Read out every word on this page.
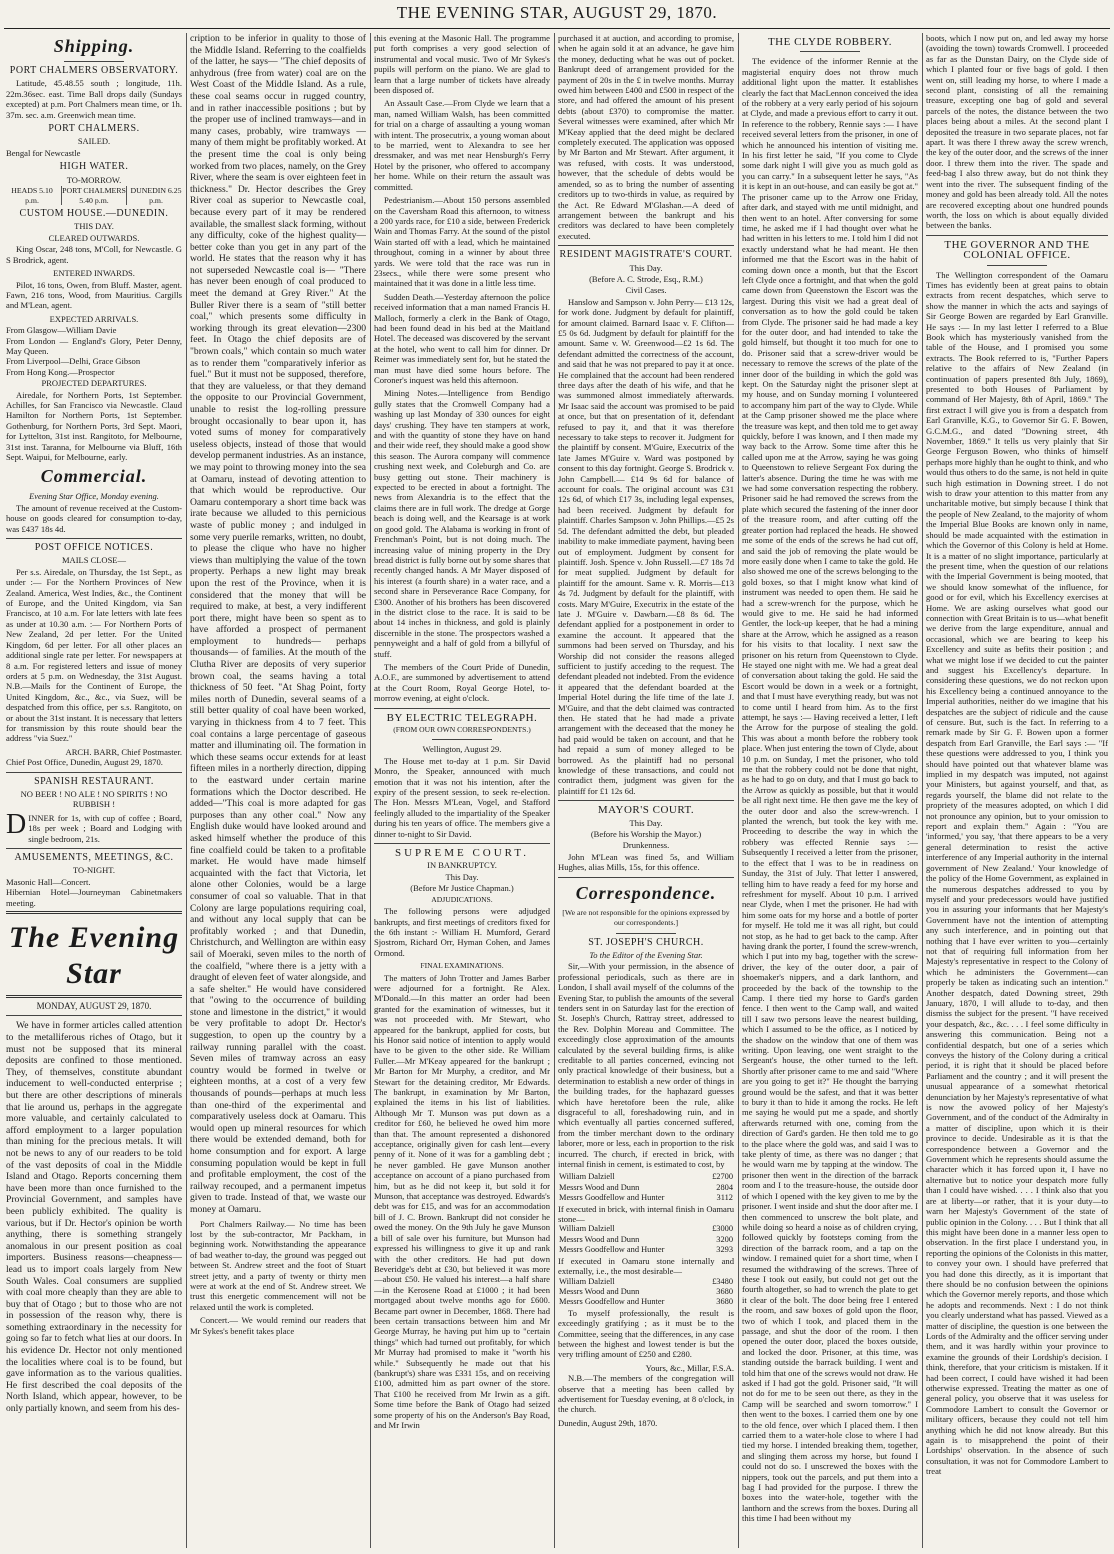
THE EVENING STAR, AUGUST 29, 1870.
Shipping.
PORT CHALMERS OBSERVATORY.

Latitude, 45.48.55 south ; longitude, 11h. 22m.36sec. east. Time Ball drops daily (Sundays excepted) at p.m. Port Chalmers mean time, or 1h. 37m. sec. a.m. Greenwich mean time.

PORT CHALMERS.
SAILED.
Bengal for Newcastle
HIGH WATER.
TO-MORROW.
HEADS 5.10 p.m.
PORT CHALMERS 5.40 p.m.
DUNEDIN 6.25 p.m.
CUSTOM HOUSE.—DUNEDIN.
THIS DAY.
CLEARED OUTWARDS.

King Oscar, 248 tons, M'Coll, for Newcastle. G S Brodrick, agent.

ENTERED INWARDS.

Pilot, 16 tons, Owen, from Bluff. Master, agent. Fawn, 216 tons, Wood, from Mauritius. Cargills and M'Lean, agent.

EXPECTED ARRIVALS.
From Glasgow—William Davie
From London — England's Glory, Peter Denny, May Queen.
From Liverpool—Delhi, Grace Gibson
From Hong Kong.—Prospector
PROJECTED DEPARTURES.

Airedale, for Northern Ports, 1st September. Achilles, for San Francisco via Newcastle. Claud Hamilton for Northern Ports, 1st September. Gothenburg, for Northern Ports, 3rd Sept. Maori, for Lyttelton, 31st inst. Rangitoto, for Melbourne, 31st inst. Taranna, for Melbourne via Bluff, 16th Sept. Waipui, for Melbourne, early.

Commercial.
Evening Star Office, Monday evening.

The amount of revenue received at the Custom-house on goods cleared for consumption to-day, was £437 18s 4d.

POST OFFICE NOTICES.
MAILS CLOSE—

Per s.s. Airedale, on Thursday, the 1st Sept., as under :— For the Northern Provinces of New Zealand. America, West Indies, &c., the Continent of Europe, and the United Kingdom, via San Francisco, at 10 a.m. For late letters with late fees as under at 10.30 a.m. :— For Northern Ports of New Zealand, 2d per letter. For the United Kingdom, 6d per letter. For all other places an additional single rate per letter. For newspapers at 8 a.m. For registered letters and issue of money orders at 5 p.m. on Wednesday, the 31st August. N.B.—Mails for the Continent of Europe, the United Kingdom, &c., &c., via Suez, will be despatched from this office, per s.s. Rangitoto, on or about the 31st instant. It is necessary that letters for transmission by this route should bear the address "via Suez."

ARCH. BARR, Chief Postmaster.
Chief Post Office, Dunedin, August 29, 1870.
SPANISH RESTAURANT.
NO BEER ! NO ALE ! NO SPIRITS ! NO RUBBISH !
DINNER for 1s, with cup of coffee ; Board, 18s per week ; Board and Lodging with single bedroom, 21s.
AMUSEMENTS, MEETINGS, &C.
TO-NIGHT.
Masonic Hall—Concert.
Hibernian Hotel—Journeyman Cabinetmakers meeting.
The Evening Star
MONDAY, AUGUST 29, 1870.

We have in former articles called attention to the metalliferous riches of Otago, but it must not be supposed that its mineral deposits are confined to those mentioned. They, of themselves, constitute abundant inducement to well-conducted enterprise ; but there are other descriptions of minerals that lie around us, perhaps in the aggregate more valuable, and certainly calculated to afford employment to a larger population than mining for the precious metals. It will not be news to any of our readers to be told of the vast deposits of coal in the Middle Island and Otago. Reports concerning them have been more than once furnished to the Provincial Government, and samples have been publicly exhibited. The quality is various, but if Dr. Hector's opinion be worth anything, there is something strangely anomalous in our present position as coal importers. Business reasons—cheapness—lead us to import coals largely from New South Wales. Coal consumers are supplied with coal more cheaply than they are able to buy that of Otago ; but to those who are not in possession of the reason why, there is something extraordinary in the necessity for going so far to fetch what lies at our doors. In his evidence Dr. Hector not only mentioned the localities where coal is to be found, but gave information as to the various qualities. He first described the coal deposits of the North Island, which appear, however, to be only partially known, and seem from his des-

cription to be inferior in quality to those of the Middle Island. Referring to the coalfields of the latter, he says— "The chief deposits of anhydrous (free from water) coal are on the West Coast of the Middle Island. As a rule, these coal seams occur in rugged country, and in rather inaccessible positions ; but by the proper use of inclined tramways—and in many cases, probably, wire tramways —many of them might be profitably worked. At the present time the coal is only being worked from two places, namely, on the Grey River, where the seam is over eighteen feet in thickness." Dr. Hector describes the Grey River coal as superior to Newcastle coal, because every part of it may be rendered available, the smallest slack forming, without any difficulty, coke of the highest quality— better coke than you get in any part of the world. He states that the reason why it has not superseded Newcastle coal is— "There has never been enough of coal produced to meet the demand at Grey River." At the Buller River there is a seam of "still better coal," which presents some difficulty in working through its great elevation—2300 feet. In Otago the chief deposits are of "brown coals," which contain so much water as to render them "comparatively inferior as fuel." But it must not be supposed, therefore, that they are valueless, or that they demand the opposite to our Provincial Government, unable to resist the log-rolling pressure brought occasionally to bear upon it, has voted sums of money for comparatively useless objects, instead of those that would develop permanent industries. As an instance, we may point to throwing money into the sea at Oamaru, instead of devoting attention to that which would be reproductive. Our Oamaru contemporary a short time back was irate because we alluded to this pernicious waste of public money ; and indulged in some very puerile remarks, written, no doubt, to please the clique who have no higher views than multiplying the value of the town property. Perhaps a new light may break upon the rest of the Province, when it is considered that the money that will be required to make, at best, a very indifferent port there, might have been so spent as to have afforded a prospect of permanent employment to hundreds— perhaps thousands— of families. At the mouth of the Clutha River are deposits of very superior brown coal, the seams having a total thickness of 50 feet. "At Shag Point, forty miles north of Dunedin, several seams of a still better quality of coal have been worked, varying in thickness from 4 to 7 feet. This coal contains a large percentage of gaseous matter and illuminating oil. The formation in which these seams occur extends for at least fifteen miles in a northerly direction, dipping to the eastward under certain marine formations which the Doctor described. He added—"This coal is more adapted for gas purposes than any other coal." Now any English duke would have looked around and asked himself whether the produce of this fine coalfield could be taken to a profitable market. He would have made himself acquainted with the fact that Victoria, let alone other Colonies, would be a large consumer of coal so valuable. That in that Colony are large populations requiring coal, and without any local supply that can be profitably worked ; and that Dunedin, Christchurch, and Wellington are within easy sail of Moeraki, seven miles to the north of the coalfield, "where there is a jetty with a draught of eleven feet of water alongside, and a safe shelter." He would have considered that "owing to the occurrence of building stone and limestone in the district," it would be very profitable to adopt Dr. Hector's suggestion, to open up the country by a railway running parallel with the coast. Seven miles of tramway across an easy country would be formed in twelve or eighteen months, at a cost of a very few thousands of pounds—perhaps at much less than one-third of the experimental and comparatively useless dock at Oamaru. This would open up mineral resources for which there would be extended demand, both for home consumption and for export. A large consuming population would be kept in full and profitable employment, the cost of the railway recouped, and a permanent impetus given to trade. Instead of that, we waste our money at Oamaru.

Port Chalmers Railway.— No time has been lost by the sub-contractor, Mr Packham, in beginning work. Notwithstanding the appearance of bad weather to-day, the ground was pegged out between St. Andrew street and the foot of Stuart street jetty, and a party of twenty or thirty men were at work at the end of St. Andrew street. We trust this energetic commencement will not be relaxed until the work is completed.

Concert.— We would remind our readers that Mr Sykes's benefit takes place

this evening at the Masonic Hall. The programme put forth comprises a very good selection of instrumental and vocal music. Two of Mr Sykes's pupils will perform on the piano. We are glad to learn that a large number of tickets have already been disposed of.

An Assault Case.—From Clyde we learn that a man, named William Walsh, has been committed for trial on a charge of assaulting a young woman with intent. The prosecutrix, a young woman about to be married, went to Alexandra to see her dressmaker, and was met near Hensburgh's Ferry Hotel by the prisoner, who offered to accompany her home. While on their return the assault was committed.

Pedestrianism.—About 150 persons assembled on the Caversham Road this afternoon, to witness a 200 yards race, for £10 a side, between Frederick Wain and Thomas Farry. At the sound of the pistol Wain started off with a lead, which he maintained throughout, coming in a winner by about three yards. We were told that the race was run in 23secs., while there were some present who maintained that it was done in a little less time.

Sudden Death.—Yesterday afternoon the police received information that a man named Francis H. Malloch, formerly a clerk in the Bank of Otago, had been found dead in his bed at the Maitland Hotel. The deceased was discovered by the servant at the hotel, who went to call him for dinner. Dr Reimer was immediately sent for, but he stated the man must have died some hours before. The Coroner's inquest was held this afternoon.

Mining Notes.—Intelligence from Bendigo gully states that the Cromwell Company had a washing up last Monday of 330 ounces for eight days' crushing. They have ten stampers at work, and with the quantity of stone they have on hand and their wide reef, they should make a good show this season. The Aurora company will commence crushing next week, and Coleburgh and Co. are busy getting out stone. Their machinery is expected to be erected in about a fortnight. The news from Alexandria is to the effect that the claims there are in full work. The dredge at Gorge beach is doing well, and the Kearsage is at work on good gold. The Alabama is working in front of Frenchman's Point, but is not doing much. The increasing value of mining property in the Dry bread district is fully borne out by some shares that recently changed hands. A Mr Mayer disposed of his interest (a fourth share) in a water race, and a second share in Perseverance Race Company, for £300. Another of his brothers has been discovered in the district close to the race. It is said to be about 14 inches in thickness, and gold is plainly discernible in the stone. The prospectors washed a pennyweight and a half of gold from a billyful of stuff.

The members of the Court Pride of Dunedin, A.O.F., are summoned by advertisement to attend at the Court Room, Royal George Hotel, to-morrow evening, at eight o'clock.

BY ELECTRIC TELEGRAPH.
(FROM OUR OWN CORRESPONDENTS.)
Wellington, August 29.

The House met to-day at 1 p.m. Sir David Monro, the Speaker, announced with much emotion that it was not his intention, after the expiry of the present session, to seek re-election. The Hon. Messrs M'Lean, Vogel, and Stafford feelingly alluded to the impartiality of the Speaker during his ten years of office. The members give a dinner to-night to Sir David.

SUPREME COURT.
IN BANKRUPTCY.
This Day.
(Before Mr Justice Chapman.)
ADJUDICATIONS.

The following persons were adjudged bankrupts, and first meetings of creditors fixed for the 6th instant :- William H. Mumford, Gerard Sjostrom, Richard Orr, Hyman Cohen, and James Ormond.

FINAL EXAMINATIONS.

The matters of John Trotter and James Barber were adjourned for a fortnight. Re Alex. M'Donald.—In this matter an order had been granted for the examination of witnesses, but it was not proceeded with. Mr Stewart, who appeared for the bankrupt, applied for costs, but his Honor said notice of intention to apply would have to be given to the other side. Re William Fuller.—Mr M'Keay appeared for the bankrupt ; Mr Barton for Mr Murphy, a creditor, and Mr Stewart for the detaining creditor, Mr Edwards. The bankrupt, in examination by Mr Barton, explained the items in his list of liabilities. Although Mr T. Munson was put down as a creditor for £60, he believed he owed him more than that. The amount represented a dishonored acceptance, originally given for cash lent—every penny of it. None of it was for a gambling debt ; he never gambled. He gave Munson another acceptance on account of a piano purchased from him, but as he did not keep it, but sold it for Munson, that acceptance was destroyed. Edwards's debt was for £15, and was for an accommodation bill of J. C. Brown. Bankrupt did not consider he owed the money. On the 9th July he gave Munson a bill of sale over his furniture, but Munson had expressed his willingness to give it up and rank with the other creditors. He had put down Beveridge's debt at £30, but believed it was more—about £50. He valued his interest—a half share—in the Kerosene Road at £1000 ; it had been mortgaged about twelve months ago for £600. Became part owner in December, 1868. There had been certain transactions between him and Mr George Murray, he having put him up to "certain things" which had turned out profitably, for which Mr Murray had promised to make it "worth his while." Subsequently he made out that his (bankrupt's) share was £331 15s, and on receiving £100, admitted him as part owner of the store. That £100 he received from Mr Irwin as a gift. Some time before the Bank of Otago had seized some property of his on the Anderson's Bay Road, and Mr Irwin

purchased it at auction, and according to promise, when he again sold it at an advance, he gave him the money, deducting what he was out of pocket. Bankrupt deed of arrangement provided for the payment of 20s in the £ in twelve months. Murray owed him between £400 and £500 in respect of the store, and had offered the amount of his present debts (about £370) to compromise the matter. Several witnesses were examined, after which Mr M'Keay applied that the deed might be declared completely executed. The application was opposed by Mr Barton and Mr Stewart. After argument, it was refused, with costs. It was understood, however, that the schedule of debts would be amended, so as to bring the number of assenting creditors up to two-thirds in value, as required by the Act. Re Edward M'Glashan.—A deed of arrangement between the bankrupt and his creditors was declared to have been completely executed.

RESIDENT MAGISTRATE'S COURT.
This Day.
(Before A. C. Strode, Esq., R.M.)
Civil Cases.

Hanslow and Sampson v. John Perry— £13 12s, for work done. Judgment by default for plaintiff, for amount claimed. Barnard Isaac v. F. Clifton—£5 0s 6d. Judgment by default for plaintiff for the amount. Same v. W. Greenwood—£2 1s 6d. The defendant admitted the correctness of the account, and said that he was not prepared to pay it at once. He complained that the account had been rendered three days after the death of his wife, and that he was summoned almost immediately afterwards. Mr Isaac said the account was promised to be paid at once, but that on presentation of it, defendant refused to pay it, and that it was therefore necessary to take steps to recover it. Judgment for the plaintiff by consent. M'Guire, Executrix of the late James M'Guire v. Ward was postponed by consent to this day fortnight. George S. Brodrick v. John Campbell.— £14 9s 6d for balance of account for coals. The original account was £31 12s 6d, of which £17 3s, including legal expenses, had been received. Judgment by default for plaintiff. Charles Sampson v. John Phillips.—£5 2s 5d. The defendant admitted the debt, but pleaded inability to make immediate payment, having been out of employment. Judgment by consent for plaintiff. Josh. Spence v. John Russell.—£7 18s 7d for meat supplied. Judgment by default for plaintiff for the amount. Same v. R. Morris—£13 4s 7d. Judgment by default for the plaintiff, with costs. Mary M'Guire, Executrix in the estate of the late J. M'Guire v. Dawbarn.—£8 8s 6d. The defendant applied for a postponement in order to examine the account. It appeared that the summons had been served on Thursday, and his Worship did not consider the reasons alleged sufficient to justify acceding to the request. The defendant pleaded not indebted. From the evidence it appeared that the defendant boarded at the Imperial Hotel during the life time of the late J. M'Guire, and that the debt claimed was contracted then. He stated that he had made a private arrangement with the deceased that the money he had paid would be taken on account, and that he had repaid a sum of money alleged to be borrowed. As the plaintiff had no personal knowledge of these transactions, and could not contradict them, judgment was given for the plaintiff for £1 12s 6d.

MAYOR'S COURT.
This Day.
(Before his Worship the Mayor.)
Drunkenness.

John M'Lean was fined 5s, and William Hughes, alias Mills, 15s, for this offence.

Correspondence.
[We are not responsible for the opinions expressed by our correspondents.]
ST. JOSEPH'S CHURCH.
To the Editor of the Evening Star.

Sir,—With your permission, in the absence of professional periodicals, such as there are in London, I shall avail myself of the columns of the Evening Star, to publish the amounts of the several tenders sent in on Saturday last for the erection of St. Joseph's Church, Rattray street, addressed to the Rev. Dolphin Moreau and Committee. The exceedingly close approximation of the amounts calculated by the several building firms, is alike creditable to all parties concerned, evincing not only practical knowledge of their business, but a determination to establish a new order of things in the building trades, for the haphazard guesses which have heretofore been the rule, alike disgraceful to all, foreshadowing ruin, and in which eventually all parties concerned suffered, from the timber merchant down to the ordinary laborer, more or less, each in proportion to the risk incurred. The church, if erected in brick, with internal finish in cement, is estimated to cost, by

William Dalziell	£2700
Messrs Wood and Dunn	2804
Messrs Goodfellow and Hunter	3112
If executed in brick, with internal finish in Oamaru stone—
William Dalziell	£3000
Messrs Wood and Dunn	3200
Messrs Goodfellow and Hunter	3293
If executed in Oamaru stone internally and externally, i.e., the most desirable—
William Dalziell	£3480
Messrs Wood and Dunn	3680
Messrs Goodfellow and Hunter	3680

To myself professionally, the result is exceedingly gratifying ; as it must be to the Committee, seeing that the differences, in any case between the highest and lowest tender is but the very trifling amount of £250 and £280.

Yours, &c., Millar, F.S.A.

N.B.—The members of the congregation will observe that a meeting has been called by advertisement for Tuesday evening, at 8 o'clock, in the church.

Dunedin, August 29th, 1870.
THE CLYDE ROBBERY.

The evidence of the informer Rennie at the magisterial enquiry does not throw much additional light upon the matter. It establishes clearly the fact that MacLennon conceived the idea of the robbery at a very early period of his sojourn at Clyde, and made a previous effort to carry it out. In reference to the robbery, Rennie says :— I have received several letters from the prisoner, in one of which he announced his intention of visiting me. In his first letter he said, "If you come to Clyde some dark night I will give you as much gold as you can carry." In a subsequent letter he says, "As it is kept in an out-house, and can easily be got at." The prisoner came up to the Arrow one Friday, after dark, and stayed with me until midnight, and then went to an hotel. After conversing for some time, he asked me if I had thought over what he had written in his letters to me. I told him I did not exactly understand what he had meant. He then informed me that the Escort was in the habit of coming down once a month, but that the Escort left Clyde once a fortnight, and that when the gold came down from Queenstown the Escort was the largest. During this visit we had a great deal of conversation as to how the gold could be taken from Clyde. The prisoner said he had made a key for the outer door, and had intended to take the gold himself, but thought it too much for one to do. Prisoner said that a screw-driver would be necessary to remove the screws of the plate of the inner door of the building in which the gold was kept. On the Saturday night the prisoner slept at my house, and on Sunday morning I volunteered to accompany him part of the way to Clyde. While at the Camp prisoner showed me the place where the treasure was kept, and then told me to get away quickly, before I was known, and I then made my way back to the Arrow. Some time after this he called upon me at the Arrow, saying he was going to Queenstown to relieve Sergeant Fox during the latter's absence. During the time he was with me we had some conversation respecting the robbery. Prisoner said he had removed the screws from the plate which secured the fastening of the inner door of the treasure room, and after cutting off the greater portion had replaced the heads. He showed me some of the ends of the screws he had cut off, and said the job of removing the plate would be more easily done when I came to take the gold. He also showed me one of the screws belonging to the gold boxes, so that I might know what kind of instrument was needed to open them. He said he had a screw-wrench for the purpose, which he would give to me. He said he had informed Gentler, the lock-up keeper, that he had a mining share at the Arrow, which he assigned as a reason for his visits to that locality. I next saw the prisoner on his return from Queenstown to Clyde. He stayed one night with me. We had a great deal of conversation about taking the gold. He said the Escort would be down in a week or a fortnight, and that I must have everything ready, but was not to come until I heard from him. As to the first attempt, he says :— Having received a letter, I left the Arrow for the purpose of stealing the gold. This was about a month before the robbery took place. When just entering the town of Clyde, about 10 p.m. on Sunday, I met the prisoner, who told me that the robbery could not be done that night, as he had to go on duty, and that I must go back to the Arrow as quickly as possible, but that it would be all right next time. He then gave me the key of the outer door and also the screw-wrench. I planted the wrench, but took the key with me. Proceeding to describe the way in which the robbery was effected Rennie says :— Subsequently I received a letter from the prisoner, to the effect that I was to be in readiness on Sunday, the 31st of July. That letter I answered, telling him to have ready a feed for my horse and refreshment for myself. About 10 p.m. I arrived near Clyde, when I met the prisoner. He had with him some oats for my horse and a bottle of porter for myself. He told me it was all right, but could not stop, as he had to get back to the camp. After having drank the porter, I found the screw-wrench, which I put into my bag, together with the screw-driver, the key of the outer door, a pair of shoemaker's nippers, and a dark lanthorn, and proceeded by the back of the township to the Camp. I there tied my horse to Gard's garden fence. I then went to the Camp wall, and waited till I saw two persons leave the nearest building, which I assumed to be the office, as I noticed by the shadow on the window that one of them was writing. Upon leaving, one went straight to the Sergeant's house, the other turned to the left. Shortly after prisoner came to me and said "Where are you going to get it?" He thought the barrying ground would be the safest, and that it was better to bury it than to hide it among the rocks. He left me saying he would put me a spade, and shortly afterwards returned with one, coming from the direction of Gard's garden. He then told me to go to the place where the gold was, and said I was to take plenty of time, as there was no danger ; that he would warn me by tapping at the window. The prisoner then went in the direction of the barrack room and I to the treasure-house, the outside door of which I opened with the key given to me by the prisoner. I went inside and shut the door after me. I then commenced to unscrew the bolt plate, and while doing so heard a noise as of children crying, followed quickly by footsteps coming from the direction of the barrack room, and a tap on the window. I remained quiet for a short time, when I resumed the withdrawing of the screws. Three of these I took out easily, but could not get out the fourth altogether, so had to wrench the plate to get it clear of the bolt. The door being free I entered the room, and saw boxes of gold upon the floor, two of which I took, and placed them in the passage, and shut the door of the room. I then opened the outer door, placed the boxes outside, and locked the door. Prisoner, at this time, was standing outside the barrack building. I went and told him that one of the screws would not draw. He asked if I had got the gold. Prisoner said, "It will not do for me to be seen out there, as they in the Camp will be searched and sworn tomorrow." I then went to the boxes. I carried them one by one to the old fence, over which I placed them. I then carried them to a water-hole close to where I had tied my horse. I intended breaking them, together, and slinging them across my horse, but found I could not do so. I unscrewed the boxes with the nippers, took out the parcels, and put them into a bag I had provided for the purpose. I threw the boxes into the water-hole, together with the lanthorn and the screws from the boxes. During all this time I had been without my

boots, which I now put on, and led away my horse (avoiding the town) towards Cromwell. I proceeded as far as the Dunstan Dairy, on the Clyde side of which I planted four or five bags of gold. I then went on, still leading my horse, to where I made a second plant, consisting of all the remaining treasure, excepting one bag of gold and several parcels of the notes, the distance between the two places being about a miles. At the second plant I deposited the treasure in two separate places, not far apart. It was there I threw away the screw wrench, the key of the outer door, and the screws of the inner door. I threw them into the river. The spade and feed-bag I also threw away, but do not think they went into the river. The subsequent finding of the money and gold has been already told. All the notes are recovered excepting about one hundred pounds worth, the loss on which is about equally divided between the banks.

THE GOVERNOR AND THE COLONIAL OFFICE.

The Wellington correspondent of the Oamaru Times has evidently been at great pains to obtain extracts from recent despatches, which serve to show the manner in which the acts and sayings of Sir George Bowen are regarded by Earl Granville. He says :— In my last letter I referred to a Blue Book which has mysteriously vanished from the table of the House, and I promised you some extracts. The Book referred to is, "Further Papers relative to the affairs of New Zealand (in continuation of papers presented 8th July, 1869), presented to both Houses of Parliament by command of Her Majesty, 8th of April, 1869." The first extract I will give you is from a despatch from Earl Granville, K.G., to Governor Sir G. F. Bowen, G.C.M.G., and dated "Downing street, 4th November, 1869." It tells us very plainly that Sir George Ferguson Bowen, who thinks of himself perhaps more highly than he ought to think, and who would thus others to do the same, is not held in quite such high estimation in Downing street. I do not wish to draw your attention to this matter from any uncharitable motive, but simply because I think that the people of New Zealand, to the majority of whom the Imperial Blue Books are known only in name, should be made acquainted with the estimation in which the Governor of this Colony is held at Home. It is a matter of no slight importance, particularly at the present time, when the question of our relations with the Imperial Government is being mooted, that we should know somewhat of the influence, for good or for evil, which his Excellency exercises at Home. We are asking ourselves what good our connection with Great Britain is to us—what benefit we derive from the large expenditure, annual and occasional, which we are bearing to keep his Excellency and suite as befits their position ; and what we might lose if we decided to cut the painter and suggest his Excellency's departure. In considering these questions, we do not reckon upon his Excellency being a continued annoyance to the Imperial authorities, neither do we imagine that his despatches are the subject of ridicule and the cause of censure. But, such is the fact. In referring to a remark made by Sir G. F. Bowen upon a former despatch from Earl Granville, the Earl says :— "If these questions were addressed to you, I think you should have pointed out that whatever blame was implied in my despatch was imputed, not against your Ministers, but against yourself, and that, as regards yourself, the blame did not relate to the propriety of the measures adopted, on which I did not pronounce any opinion, but to your omission to report and explain them." Again : "You are 'informed,' you say, 'that there appears to be a very general determination to resist the active interference of any Imperial authority in the internal government of New Zealand.' Your knowledge of the policy of the Home Government, as explained in the numerous despatches addressed to you by myself and your predecessors would have justified you in assuring your informants that her Majesty's Government have not the intention of attempting any such interference, and in pointing out that nothing that I have ever written to you—certainly not that of requiring full information from her Majesty's representative in respect to the Colony of which he administers the Government—can properly be taken as indicating such an intention." Another despatch, dated Downing street, 29th January, 1870, I will allude to to-day, and then dismiss the subject for the present. "I have received your despatch, &c., &c. . . . I feel some difficulty in answering this communication. Being not a confidential despatch, but one of a series which conveys the history of the Colony during a critical period, it is right that it should be placed before Parliament and the country ; and it will present the unusual appearance of a somewhat rhetorical denunciation by her Majesty's representative of what is now the avowed policy of her Majesty's Government, and of the conduct of the Admiralty in a matter of discipline, upon which it is their province to decide. Undesirable as it is that the correspondence between a Governor and the Government which he represents should assume the character which it has forced upon it, I have no alternative but to notice your despatch more fully than I could have wished. . . . I think also that you are at liberty—or rather, that it is your duty—to warn her Majesty's Government of the state of public opinion in the Colony. . . . But I think that all this might have been done in a manner less open to observation. In the first place I understand you, in reporting the opinions of the Colonists in this matter, to convey your own. I should have preferred that you had done this directly, as it is important that there should be no confusion between the opinions which the Governor merely reports, and those which he adopts and recommends. Next : I do not think you clearly understand what has passed. Viewed as a matter of discipline, the question is one between the Lords of the Admiralty and the officer serving under them, and it was hardly within your province to examine the grounds of their Lordship's decision. I think, therefore, that your criticism is mistaken. If it had been correct, I could have wished it had been otherwise expressed. Treating the matter as one of general policy, you observe that it was useless for Commodore Lambert to consult the Governor or military officers, because they could not tell him anything which he did not know already. But this again is to misapprehend the point of their Lordships' observation. In the absence of such consultation, it was not for Commodore Lambert to treat
